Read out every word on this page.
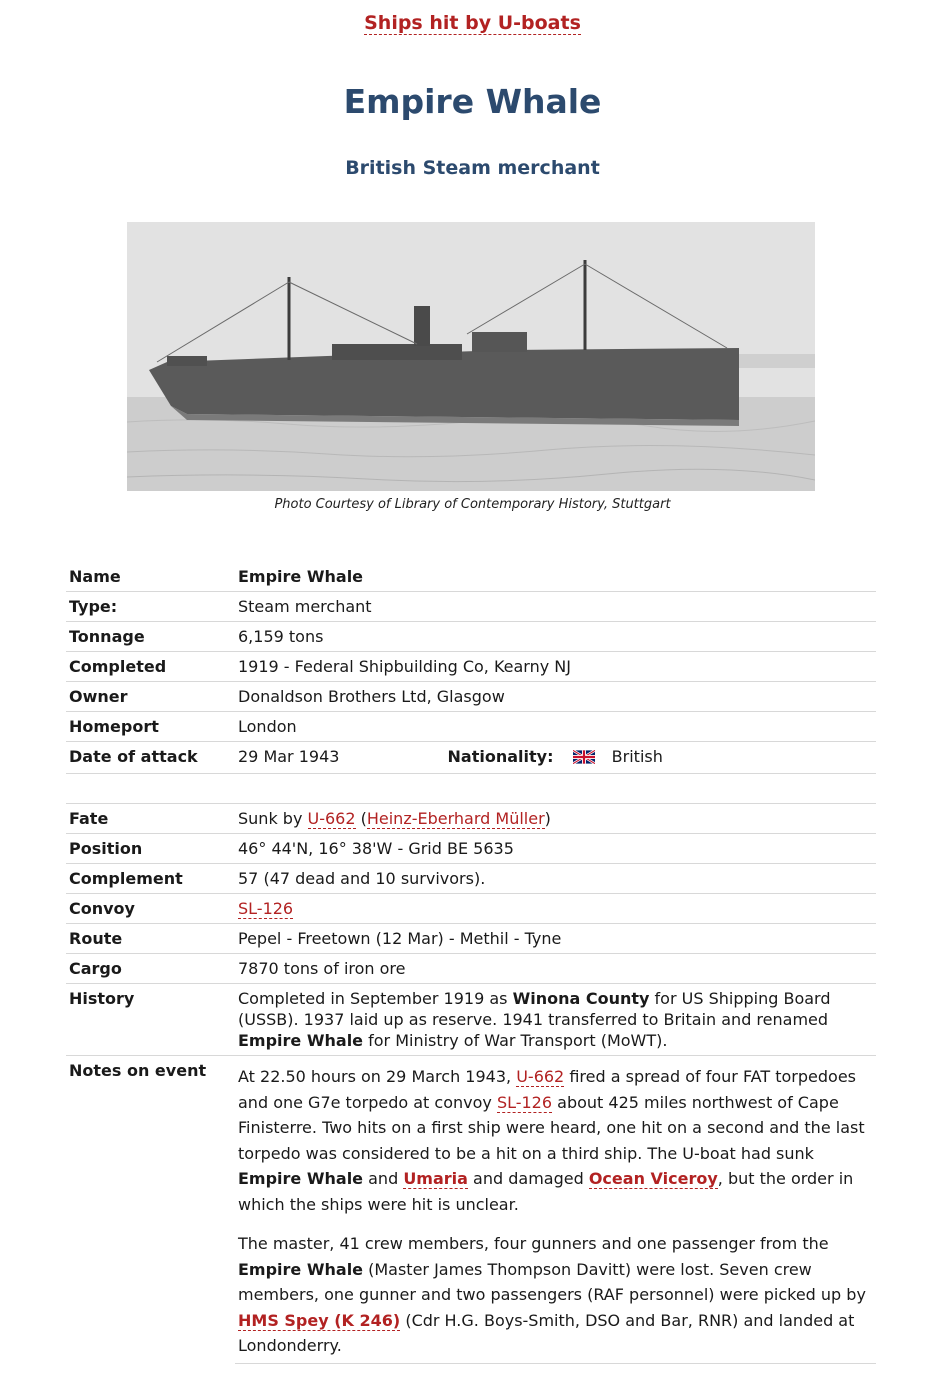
Ships hit by U-boats
Empire Whale
British Steam merchant
Photo Courtesy of Library of Contemporary History, Stuttgart
Name	Empire Whale
Type:	Steam merchant
Tonnage	6,159 tons
Completed	1919 - Federal Shipbuilding Co, Kearny NJ
Owner	Donaldson Brothers Ltd, Glasgow
Homeport	London
Date of attack	29 Mar 1943 Nationality: British

Fate	Sunk by U-662 (Heinz-Eberhard Müller)
Position	46° 44'N, 16° 38'W - Grid BE 5635
Complement	57 (47 dead and 10 survivors).
Convoy	SL-126
Route	Pepel - Freetown (12 Mar) - Methil - Tyne
Cargo	7870 tons of iron ore
History	Completed in September 1919 as Winona County for US Shipping Board (USSB). 1937 laid up as reserve. 1941 transferred to Britain and renamed Empire Whale for Ministry of War Transport (MoWT).
Notes on event	At 22.50 hours on 29 March 1943, U-662 fired a spread of four FAT torpedoes and one G7e torpedo at convoy SL-126 about 425 miles northwest of Cape Finisterre. Two hits on a first ship were heard, one hit on a second and the last torpedo was considered to be a hit on a third ship. The U-boat had sunk Empire Whale and Umaria and damaged Ocean Viceroy, but the order in which the ships were hit is unclear.

The master, 41 crew members, four gunners and one passenger from the Empire Whale (Master James Thompson Davitt) were lost. Seven crew members, one gunner and two passengers (RAF personnel) were picked up by HMS Spey (K 246) (Cdr H.G. Boys-Smith, DSO and Bar, RNR) and landed at Londonderry.
